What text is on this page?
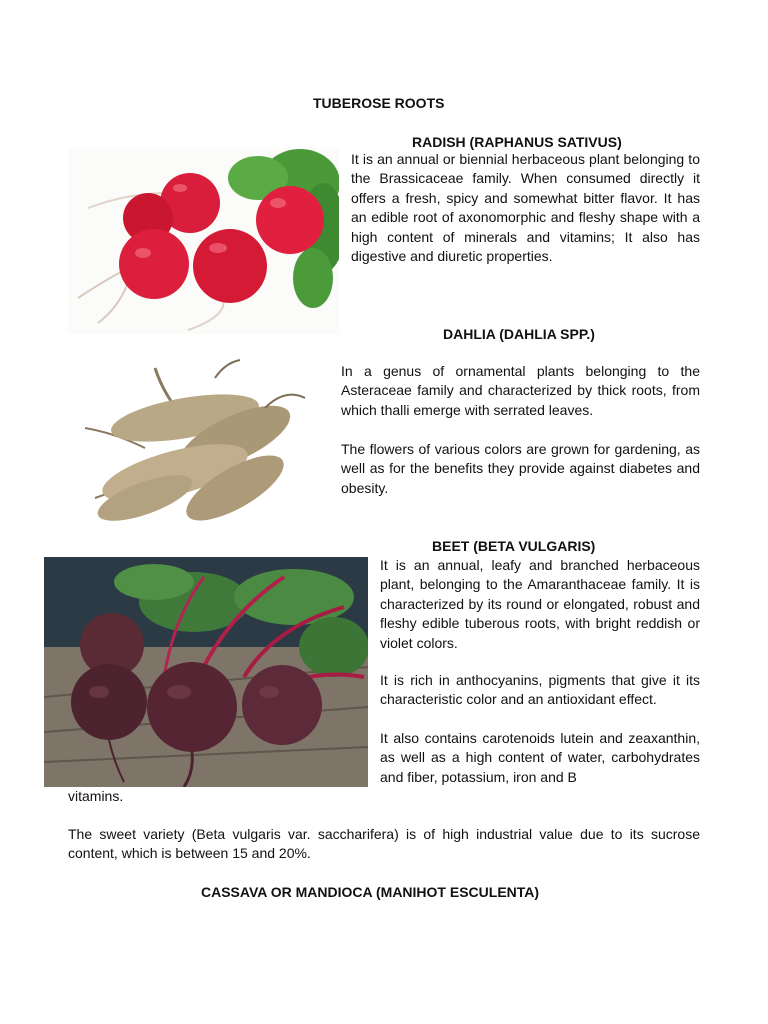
TUBEROSE ROOTS
RADISH (RAPHANUS SATIVUS)

It is an annual or biennial herbaceous plant belonging to the Brassicaceae family. When consumed directly it offers a fresh, spicy and somewhat bitter flavor. It has an edible root of axonomorphic and fleshy shape with a high content of minerals and vitamins; It also has digestive and diuretic properties.

DAHLIA (DAHLIA SPP.)

In a genus of ornamental plants belonging to the Asteraceae family and characterized by thick roots, from which thalli emerge with serrated leaves.

The flowers of various colors are grown for gardening, as well as for the benefits they provide against diabetes and obesity.

BEET (BETA VULGARIS)

It is an annual, leafy and branched herbaceous plant, belonging to the Amaranthaceae family. It is characterized by its round or elongated, robust and fleshy edible tuberous roots, with bright reddish or violet colors.

It is rich in anthocyanins, pigments that give it its characteristic color and an antioxidant effect.

It also contains carotenoids lutein and zeaxanthin, as well as a high content of water, carbohydrates and fiber, potassium, iron and B

vitamins.

The sweet variety (Beta vulgaris var. saccharifera) is of high industrial value due to its sucrose content, which is between 15 and 20%.

CASSAVA OR MANDIOCA (MANIHOT ESCULENTA)
